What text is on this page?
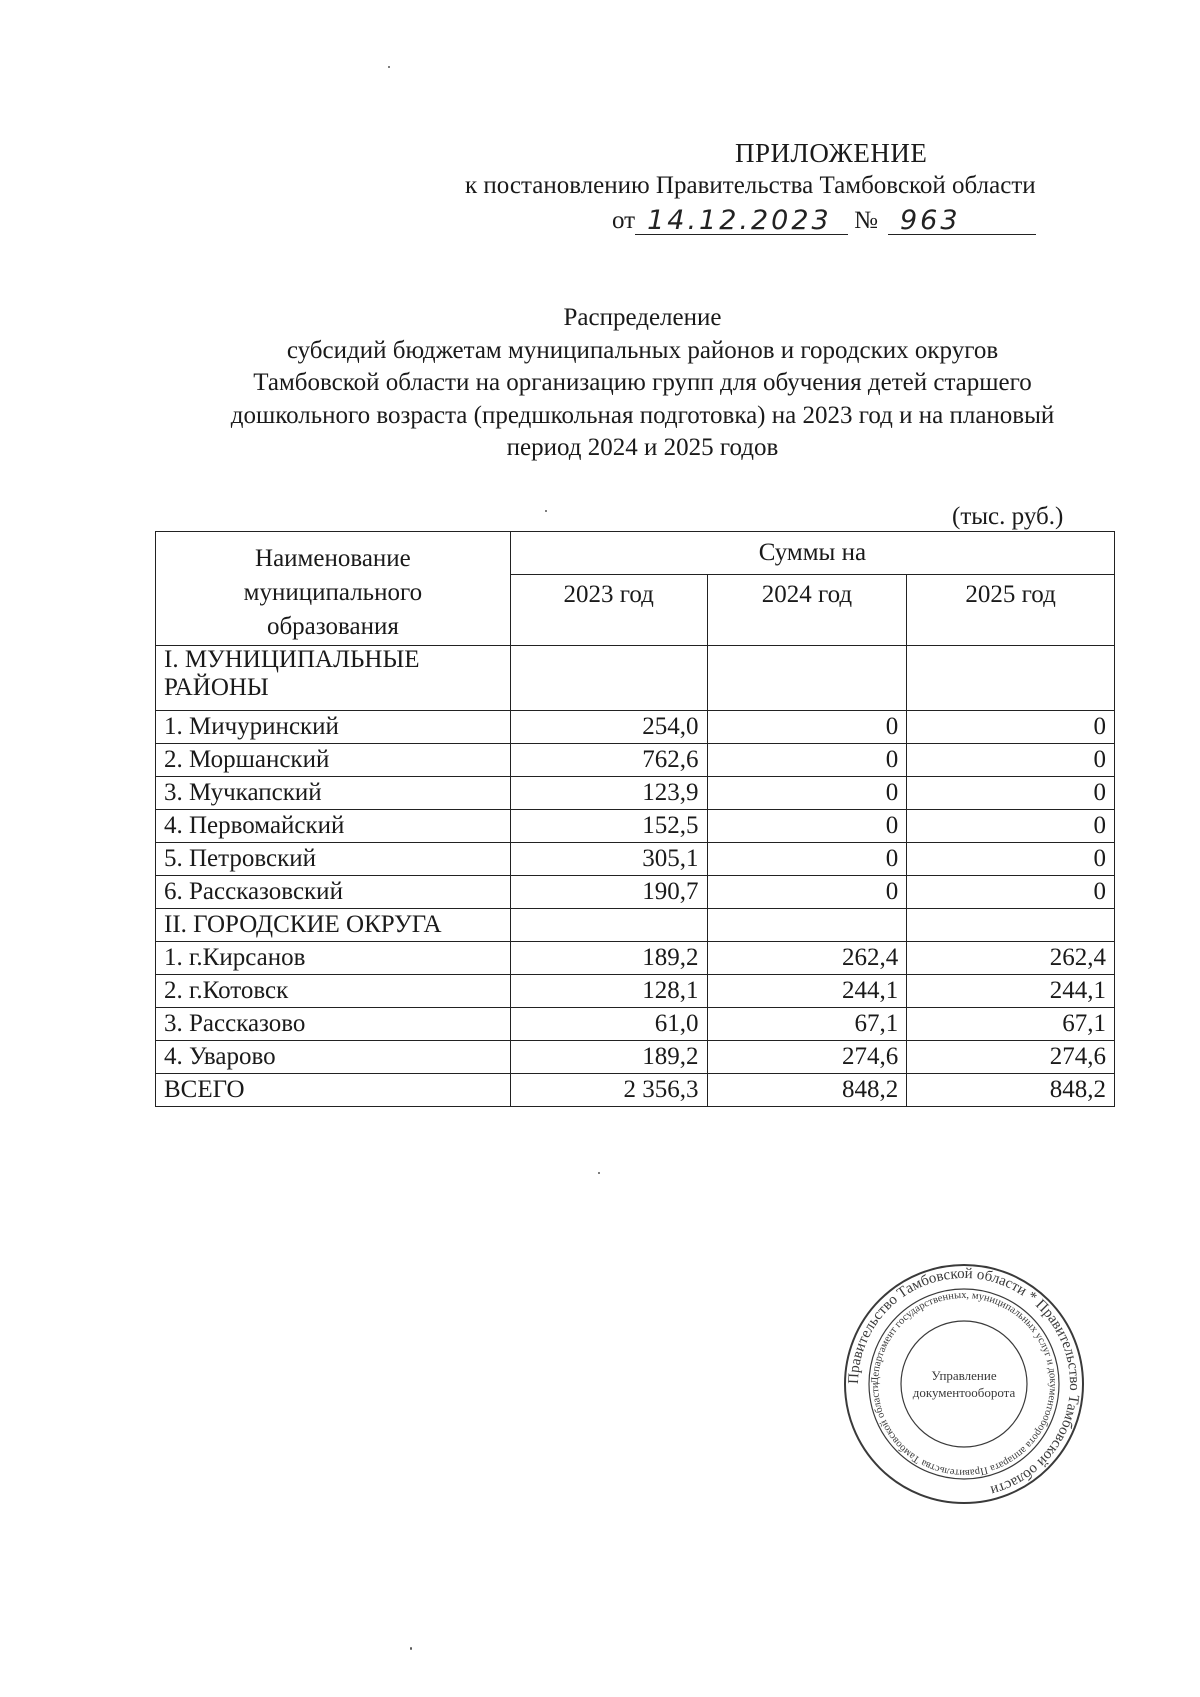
ПРИЛОЖЕНИЕ
к постановлению Правительства Тамбовской области
от 14.12.2023 № 963
Распределение
субсидий бюджетам муниципальных районов и городских округов
Тамбовской области на организацию групп для обучения детей старшего
дошкольного возраста (предшкольная подготовка) на 2023 год и на плановый
период 2024 и 2025 годов
(тыс. руб.)
Наименование
муниципального
образования	Суммы на		
	2023 год	2024 год	2025 год

I. МУНИЦИПАЛЬНЫЕ
РАЙОНЫ			

1. Мичуринский	254,0	0	0
2. Моршанский	762,6	0	0
3. Мучкапский	123,9	0	0
4. Первомайский	152,5	0	0
5. Петровский	305,1	0	0
6. Рассказовский	190,7	0	0
II. ГОРОДСКИЕ ОКРУГА			
1. г.Кирсанов	189,2	262,4	262,4
2. г.Котовск	128,1	244,1	244,1
3. Рассказово	61,0	67,1	67,1
4. Уварово	189,2	274,6	274,6
ВСЕГО	2 356,3	848,2	848,2
Правительство Тамбовской области * Правительство Тамбовской области
Департамент государственных, муниципальных услуг и документооборота аппарата Правительства Тамбовской области
Управление
документооборота
